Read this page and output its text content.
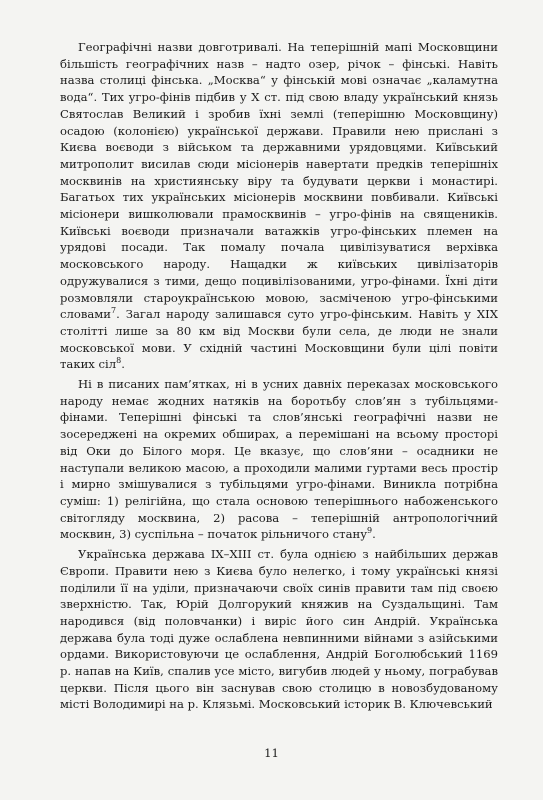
Географічні назви довготривалі. На теперішній мапі Московщини більшість географічних назв – надто озер, річок – фінські. Навіть назва столиці фінська. „Москва“ у фінській мові означає „каламутна вода“. Тих угро-фінів підбив у X ст. під свою владу український князь Святослав Великий і зробив їхні землі (теперішню Московщину) осадою (колонією) української держави. Правили нею прислані з Києва воєводи з військом та державними урядовцями. Київський митрополит висилав сюди місіонерів навертати предків теперішніх москвинів на християнську віру та будувати церкви і монастирі. Багатьох тих українських місіонерів москвини повбивали. Київські місіонери вишколювали прамосквинів – угро-фінів на священиків. Київські воєводи призначали ватажків угро-фінських племен на урядові посади. Так помалу почала цивілізуватися верхівка московського народу. Нащадки ж київських цивілізаторів одружувалися з тими, дещо поцивілізованими, угро-фінами. Їхні діти розмовляли староукраїнською мовою, засміченою угро-фінськими словами$^7$. Загал народу залишався суто угро-фінським. Навіть у XIX столітті лише за 80 км від Москви були села, де люди не знали московської мови. У східній частині Московщини були цілі повіти таких сіл$^8$.

Ні в писаних пам’ятках, ні в усних давніх переказах московського народу немає жодних натяків на боротьбу слов’ян з тубільцями-фінами. Теперішні фінські та слов’янські географічні назви не зосереджені на окремих обширах, а перемішані на всьому просторі від Оки до Білого моря. Це вказує, що слов’яни – осадники не наступали великою масою, а проходили малими гуртами весь простір і мирно змішувалися з тубільцями угро-фінами. Виникла потрібна суміш: 1) релігійна, що стала основою теперішнього набоженського світогляду москвина, 2) расова – теперішній антропологічний москвин, 3) суспільна – початок рільничого стану$^9$.

Українська держава IX–XIII ст. була однією з найбільших держав Європи. Правити нею з Києва було нелегко, і тому українські князі поділили її на уділи, призначаючи своїх синів правити там під своєю зверхністю. Так, Юрій Долгорукий княжив на Суздальщині. Там народився (від половчанки) і виріс його син Андрій. Українська держава була тоді дуже ослаблена невпинними війнами з азійськими ордами. Використовуючи це ослаблення, Андрій Боголюбський 1169 р. напав на Київ, спалив усе місто, вигубив людей у ньому, пограбував церкви. Після цього він заснував свою столицю в новозбудованому місті Володимирі на р. Клязьмі. Московський історик В. Ключевський

11
